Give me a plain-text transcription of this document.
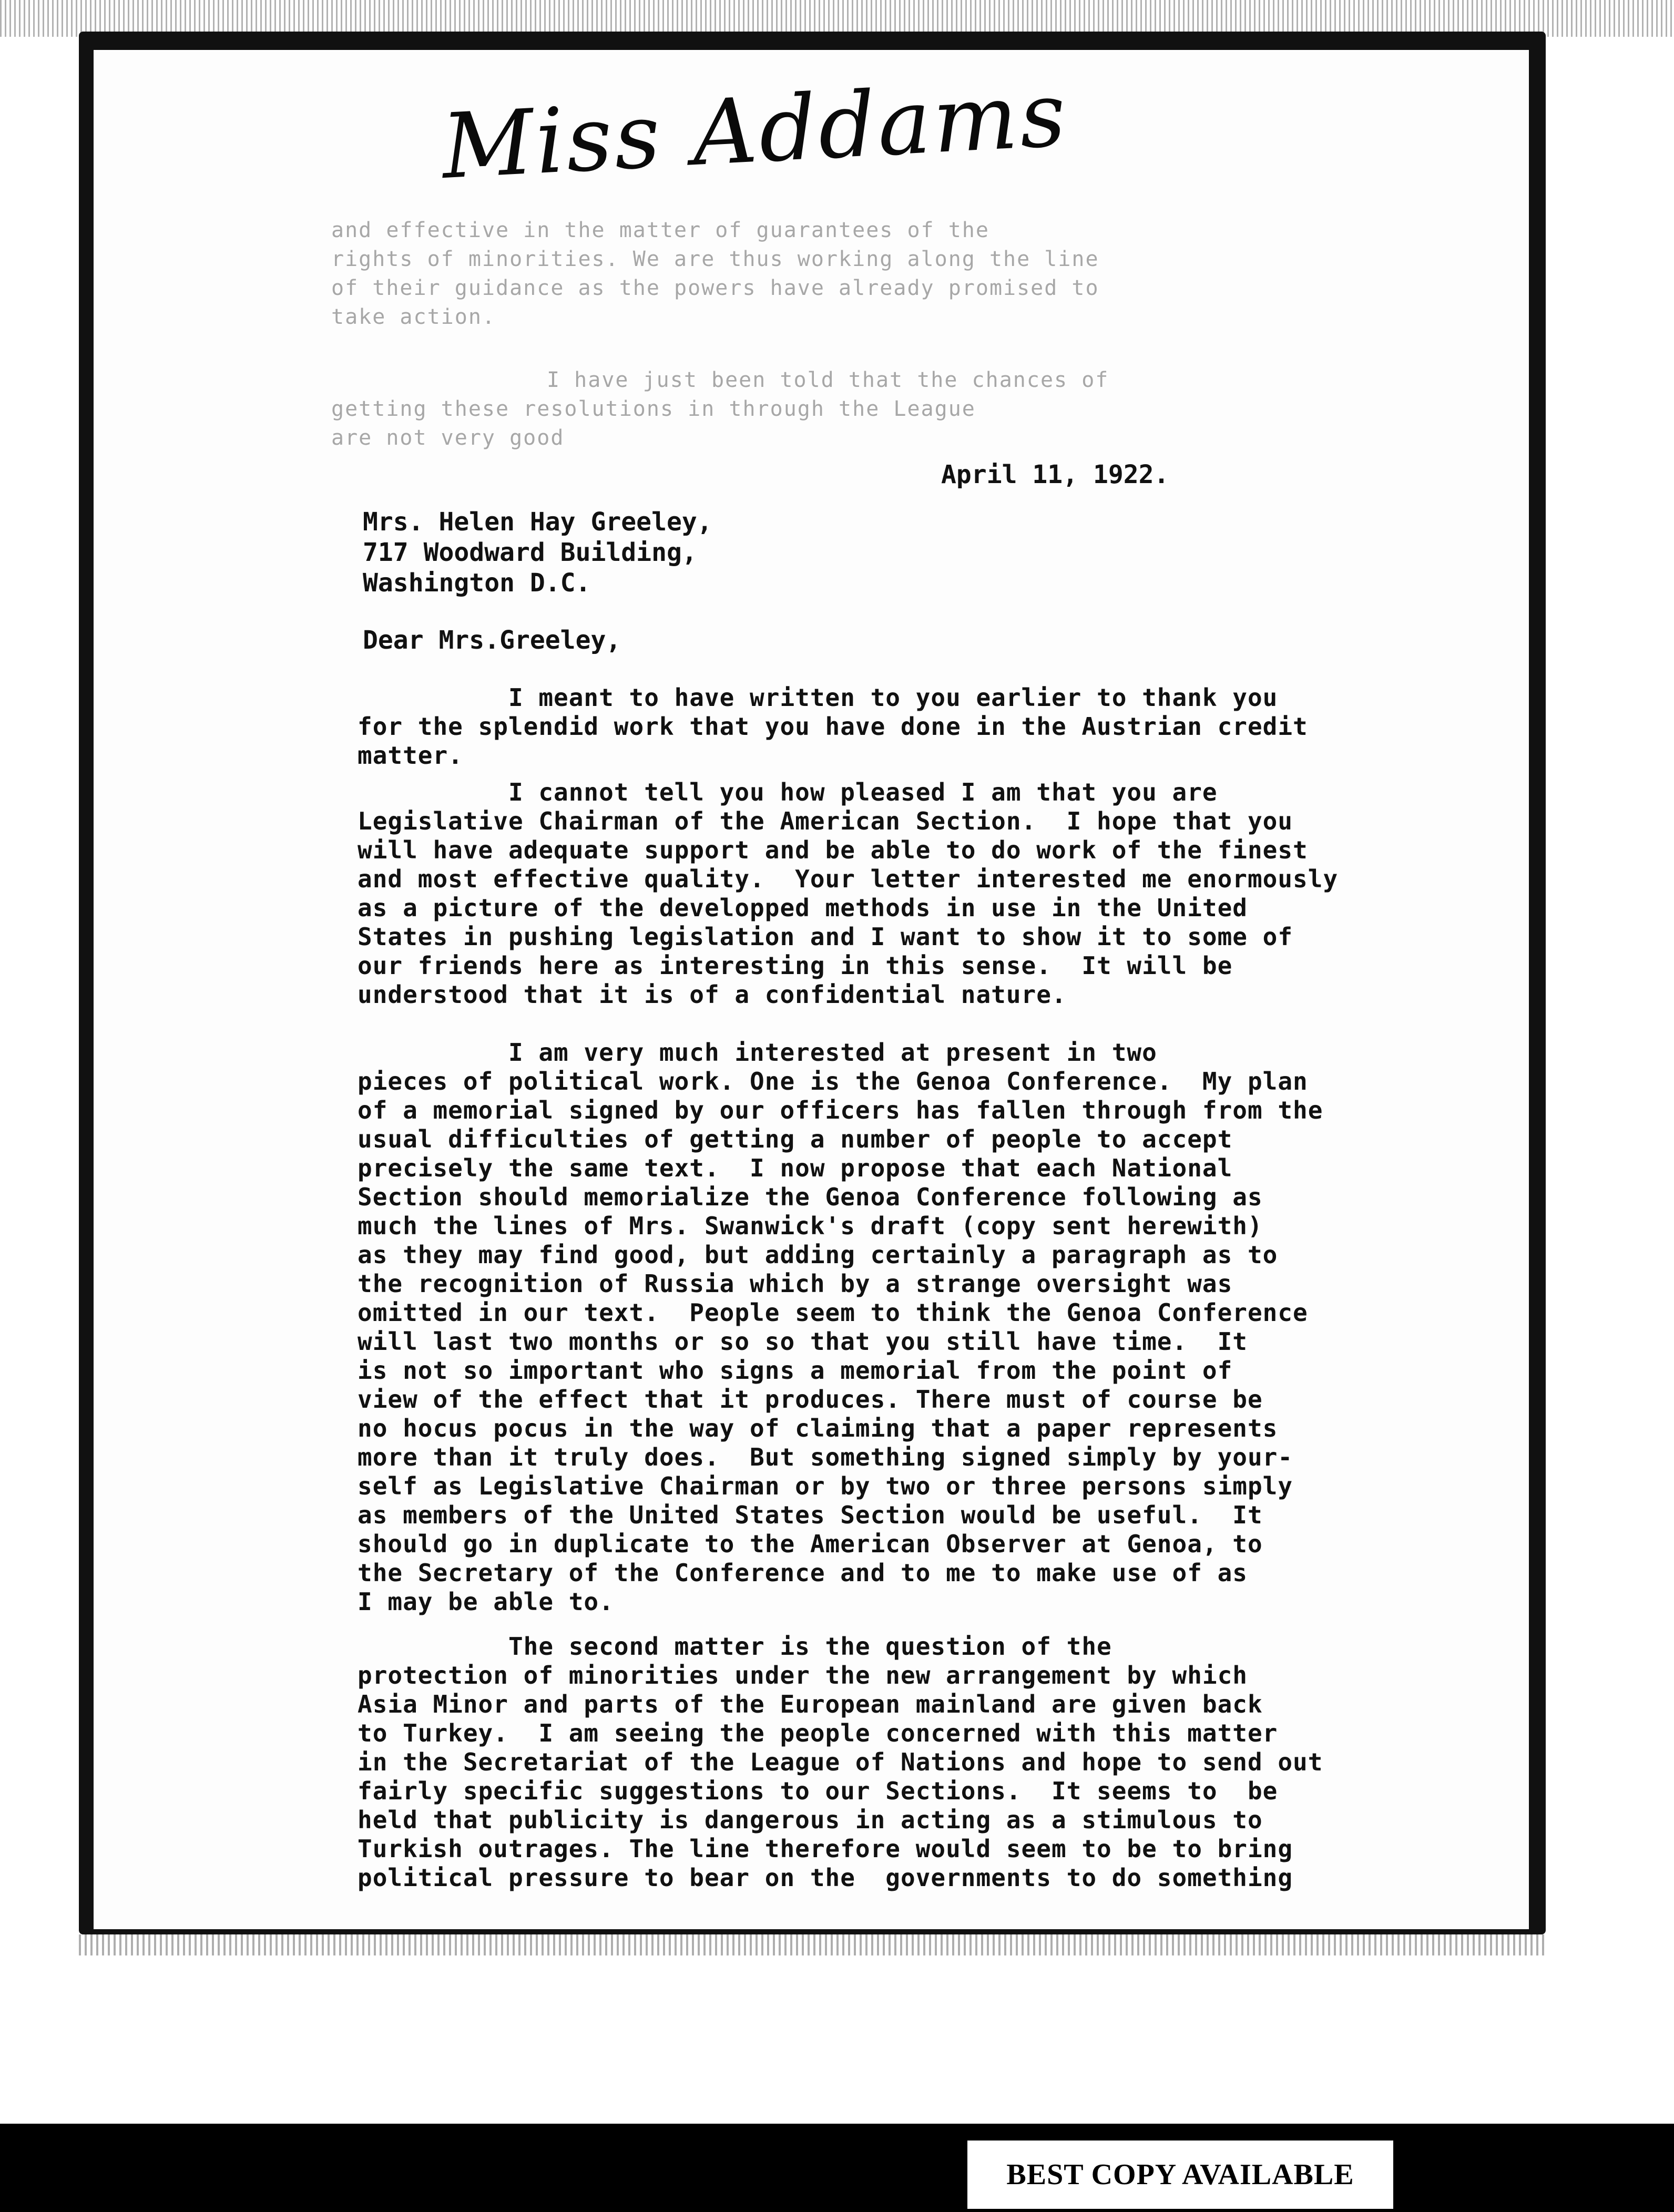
Miss Addams
and effective in the matter of guarantees of the
rights of minorities. We are thus working along the line
of their guidance as the powers have already promised to
take action.
I have just been told that the chances of
getting these resolutions in through the League
are not very good
April 11, 1922.
Mrs. Helen Hay Greeley,
717 Woodward Building,
Washington D.C.
Dear Mrs.Greeley,
I meant to have written to you earlier to thank you
for the splendid work that you have done in the Austrian credit
matter.
I cannot tell you how pleased I am that you are
Legislative Chairman of the American Section.  I hope that you
will have adequate support and be able to do work of the finest
and most effective quality.  Your letter interested me enormously
as a picture of the developped methods in use in the United
States in pushing legislation and I want to show it to some of
our friends here as interesting in this sense.  It will be
understood that it is of a confidential nature.
I am very much interested at present in two
pieces of political work. One is the Genoa Conference.  My plan
of a memorial signed by our officers has fallen through from the
usual difficulties of getting a number of people to accept
precisely the same text.  I now propose that each National
Section should memorialize the Genoa Conference following as
much the lines of Mrs. Swanwick's draft (copy sent herewith)
as they may find good, but adding certainly a paragraph as to
the recognition of Russia which by a strange oversight was
omitted in our text.  People seem to think the Genoa Conference
will last two months or so so that you still have time.  It
is not so important who signs a memorial from the point of
view of the effect that it produces. There must of course be
no hocus pocus in the way of claiming that a paper represents
more than it truly does.  But something signed simply by your-
self as Legislative Chairman or by two or three persons simply
as members of the United States Section would be useful.  It
should go in duplicate to the American Observer at Genoa, to
the Secretary of the Conference and to me to make use of as
I may be able to.
The second matter is the question of the
protection of minorities under the new arrangement by which
Asia Minor and parts of the European mainland are given back
to Turkey.  I am seeing the people concerned with this matter
in the Secretariat of the League of Nations and hope to send out
fairly specific suggestions to our Sections.  It seems to  be
held that publicity is dangerous in acting as a stimulous to
Turkish outrages. The line therefore would seem to be to bring
political pressure to bear on the  governments to do something
BEST COPY AVAILABLE
